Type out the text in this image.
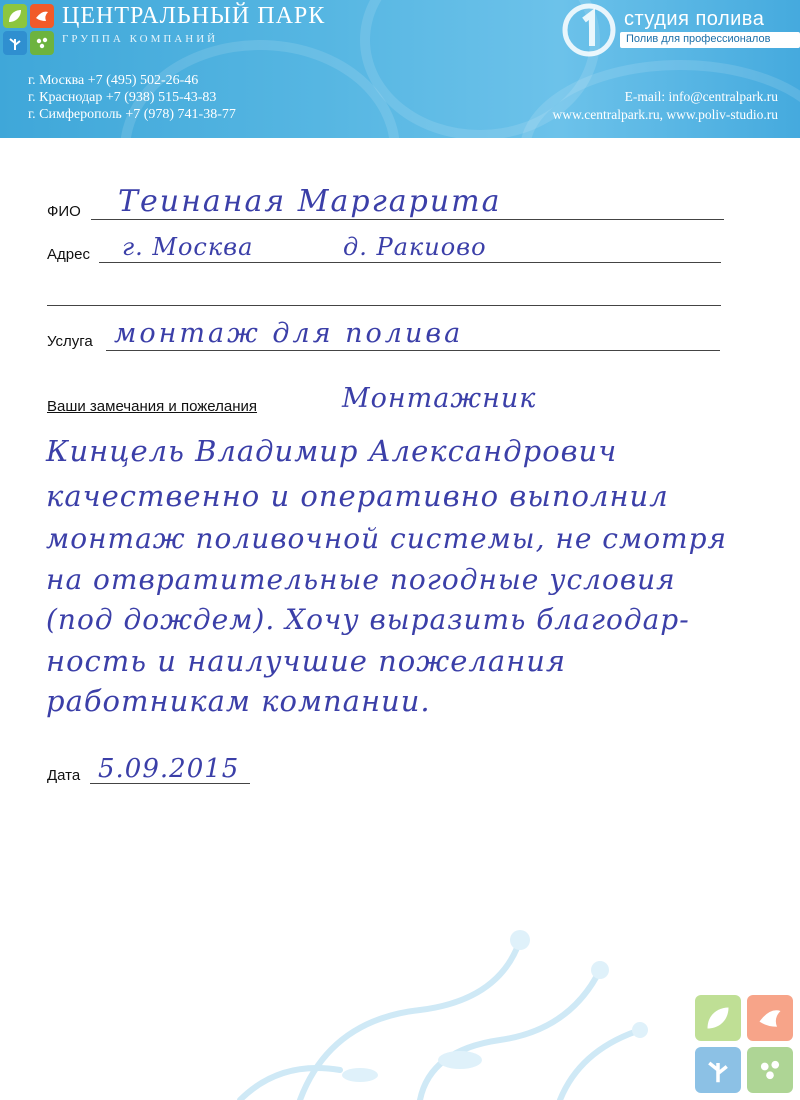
ЦЕНТРАЛЬНЫЙ ПАРК
ГРУППА КОМПАНИЙ
г. Москва +7 (495) 502-26-46
г. Краснодар +7 (938) 515-43-83
г. Симферополь +7 (978) 741-38-77
студия полива
Полив для профессионалов
E-mail: info@centralpark.ru
www.centralpark.ru, www.poliv-studio.ru
ФИО Теинаная Маргарита
Адрес г. Москва	д. Ракиово
Услуга монтаж для полива
Ваши замечания и пожелания	Монтажник
Кинцель Владимир Александрович
качественно и оперативно выполнил
монтаж поливочной системы, не смотря
на отвратительные погодные условия
(под дождем). Хочу выразить благодар-
ность и наилучшие пожелания
работникам компании.
Дата 5.09.2015
